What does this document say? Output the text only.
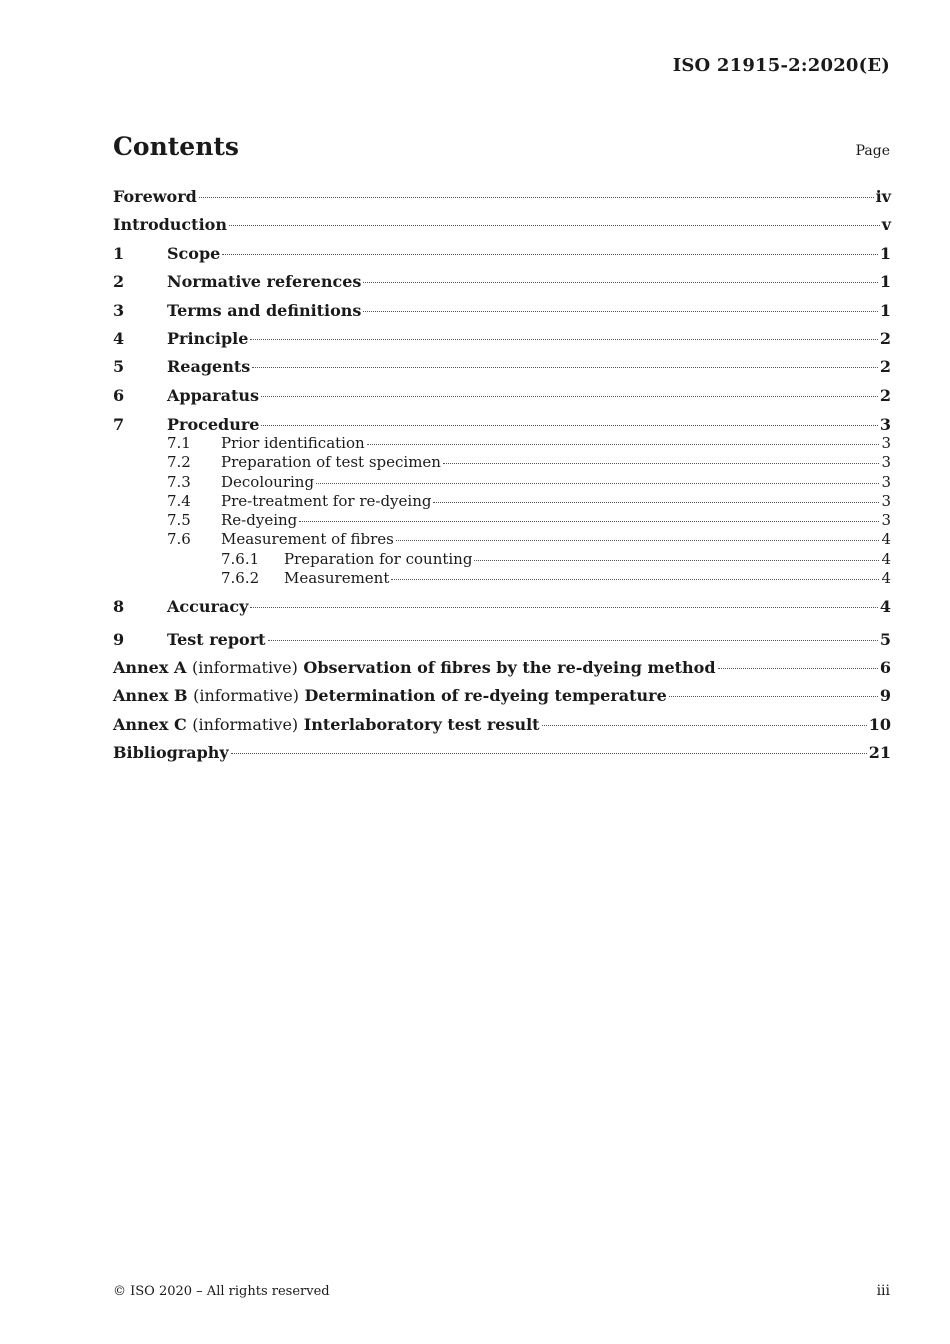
ISO 21915-2:2020(E)
Contents	Page
Foreword	iv
Introduction	v
1	Scope	1
2	Normative references	1
3	Terms and definitions	1
4	Principle	2
5	Reagents	2
6	Apparatus	2
7	Procedure	3
7.1	Prior identification	3
7.2	Preparation of test specimen	3
7.3	Decolouring	3
7.4	Pre-treatment for re-dyeing	3
7.5	Re-dyeing	3
7.6	Measurement of fibres	4
7.6.1	Preparation for counting	4
7.6.2	Measurement	4
8	Accuracy	4
9	Test report	5
Annex A (informative) Observation of fibres by the re-dyeing method	6
Annex B (informative) Determination of re-dyeing temperature	9
Annex C (informative) Interlaboratory test result	10
Bibliography	21
© ISO 2020 – All rights reserved	iii
